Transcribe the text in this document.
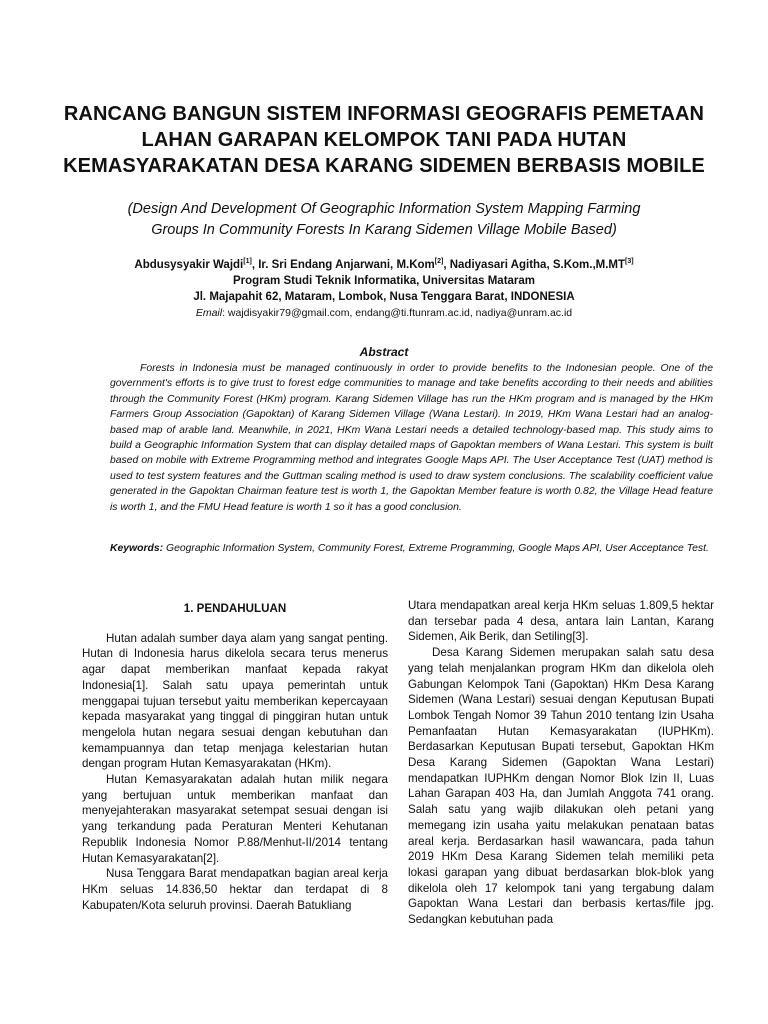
RANCANG BANGUN SISTEM INFORMASI GEOGRAFIS PEMETAAN
LAHAN GARAPAN KELOMPOK TANI PADA HUTAN
KEMASYARAKATAN DESA KARANG SIDEMEN BERBASIS MOBILE
(Design And Development Of Geographic Information System Mapping Farming
Groups In Community Forests In Karang Sidemen Village Mobile Based)
Abdusysyakir Wajdi[1], Ir. Sri Endang Anjarwani, M.Kom[2], Nadiyasari Agitha, S.Kom.,M.MT[3]
Program Studi Teknik Informatika, Universitas Mataram
Jl. Majapahit 62, Mataram, Lombok, Nusa Tenggara Barat, INDONESIA
Email: wajdisyakir79@gmail.com, endang@ti.ftunram.ac.id, nadiya@unram.ac.id
Abstract
Forests in Indonesia must be managed continuously in order to provide benefits to the Indonesian people. One of the government's efforts is to give trust to forest edge communities to manage and take benefits according to their needs and abilities through the Community Forest (HKm) program. Karang Sidemen Village has run the HKm program and is managed by the HKm Farmers Group Association (Gapoktan) of Karang Sidemen Village (Wana Lestari). In 2019, HKm Wana Lestari had an analog-based map of arable land. Meanwhile, in 2021, HKm Wana Lestari needs a detailed technology-based map. This study aims to build a Geographic Information System that can display detailed maps of Gapoktan members of Wana Lestari. This system is built based on mobile with Extreme Programming method and integrates Google Maps API. The User Acceptance Test (UAT) method is used to test system features and the Guttman scaling method is used to draw system conclusions. The scalability coefficient value generated in the Gapoktan Chairman feature test is worth 1, the Gapoktan Member feature is worth 0.82, the Village Head feature is worth 1, and the FMU Head feature is worth 1 so it has a good conclusion.
Keywords: Geographic Information System, Community Forest, Extreme Programming, Google Maps API, User Acceptance Test.
1. PENDAHULUAN

Hutan adalah sumber daya alam yang sangat penting. Hutan di Indonesia harus dikelola secara terus menerus agar dapat memberikan manfaat kepada rakyat Indonesia[1]. Salah satu upaya pemerintah untuk menggapai tujuan tersebut yaitu memberikan kepercayaan kepada masyarakat yang tinggal di pinggiran hutan untuk mengelola hutan negara sesuai dengan kebutuhan dan kemampuannya dan tetap menjaga kelestarian hutan dengan program Hutan Kemasyarakatan (HKm).

Hutan Kemasyarakatan adalah hutan milik negara yang bertujuan untuk memberikan manfaat dan menyejahterakan masyarakat setempat sesuai dengan isi yang terkandung pada Peraturan Menteri Kehutanan Republik Indonesia Nomor P.88/Menhut-II/2014 tentang Hutan Kemasyarakatan[2].

Nusa Tenggara Barat mendapatkan bagian areal kerja HKm seluas 14.836,50 hektar dan terdapat di 8 Kabupaten/Kota seluruh provinsi. Daerah Batukliang

Utara mendapatkan areal kerja HKm seluas 1.809,5 hektar dan tersebar pada 4 desa, antara lain Lantan, Karang Sidemen, Aik Berik, dan Setiling[3].

Desa Karang Sidemen merupakan salah satu desa yang telah menjalankan program HKm dan dikelola oleh Gabungan Kelompok Tani (Gapoktan) HKm Desa Karang Sidemen (Wana Lestari) sesuai dengan Keputusan Bupati Lombok Tengah Nomor 39 Tahun 2010 tentang Izin Usaha Pemanfaatan Hutan Kemasyarakatan (IUPHKm). Berdasarkan Keputusan Bupati tersebut, Gapoktan HKm Desa Karang Sidemen (Gapoktan Wana Lestari) mendapatkan IUPHKm dengan Nomor Blok Izin II, Luas Lahan Garapan 403 Ha, dan Jumlah Anggota 741 orang. Salah satu yang wajib dilakukan oleh petani yang memegang izin usaha yaitu melakukan penataan batas areal kerja. Berdasarkan hasil wawancara, pada tahun 2019 HKm Desa Karang Sidemen telah memiliki peta lokasi garapan yang dibuat berdasarkan blok-blok yang dikelola oleh 17 kelompok tani yang tergabung dalam Gapoktan Wana Lestari dan berbasis kertas/file jpg. Sedangkan kebutuhan pada
